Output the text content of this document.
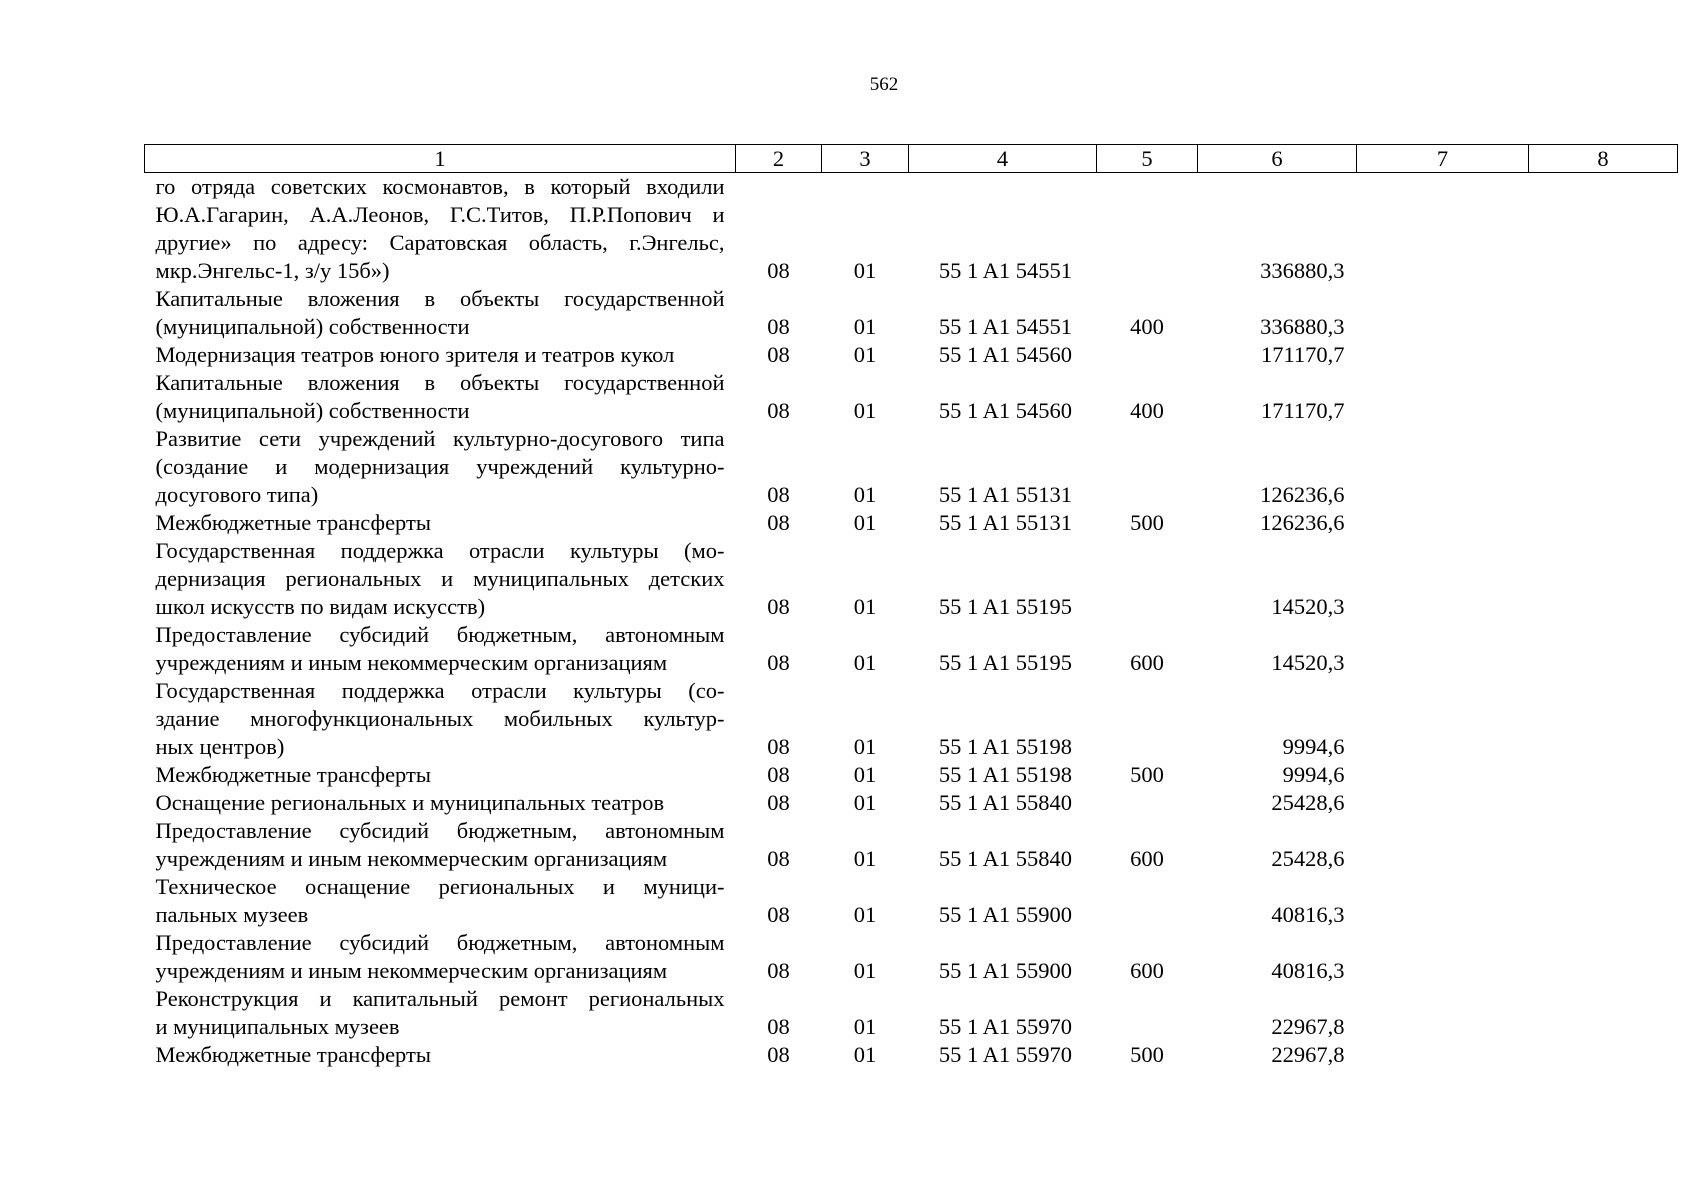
562
1	2	3	4	5	6	7	8

го отряда советских космонавтов, в который входили
Ю.А.Гагарин, А.А.Леонов, Г.С.Титов, П.Р.Попович и
другие» по адресу: Саратовская область, г.Энгельс,
мкр.Энгельс-1, з/у 15б»)	08	01	55 1 A1 54551		336880,3		

Капитальные вложения в объекты государственной
(муниципальной) собственности	08	01	55 1 A1 54551	400	336880,3		

Модернизация театров юного зрителя и театров кукол	08	01	55 1 A1 54560		171170,7		

Капитальные вложения в объекты государственной
(муниципальной) собственности	08	01	55 1 A1 54560	400	171170,7		

Развитие сети учреждений культурно-досугового типа
(создание и модернизация учреждений культурно-
досугового типа)	08	01	55 1 A1 55131		126236,6		

Межбюджетные трансферты	08	01	55 1 A1 55131	500	126236,6		

Государственная поддержка отрасли культуры (мо-
дернизация региональных и муниципальных детских
школ искусств по видам искусств)	08	01	55 1 A1 55195		14520,3		

Предоставление субсидий бюджетным, автономным
учреждениям и иным некоммерческим организациям	08	01	55 1 A1 55195	600	14520,3		

Государственная поддержка отрасли культуры (со-
здание многофункциональных мобильных культур-
ных центров)	08	01	55 1 A1 55198		9994,6		

Межбюджетные трансферты	08	01	55 1 A1 55198	500	9994,6		

Оснащение региональных и муниципальных театров	08	01	55 1 A1 55840		25428,6		

Предоставление субсидий бюджетным, автономным
учреждениям и иным некоммерческим организациям	08	01	55 1 A1 55840	600	25428,6		

Техническое оснащение региональных и муници-
пальных музеев	08	01	55 1 A1 55900		40816,3		

Предоставление субсидий бюджетным, автономным
учреждениям и иным некоммерческим организациям	08	01	55 1 A1 55900	600	40816,3		

Реконструкция и капитальный ремонт региональных
и муниципальных музеев	08	01	55 1 A1 55970		22967,8		

Межбюджетные трансферты	08	01	55 1 A1 55970	500	22967,8		
